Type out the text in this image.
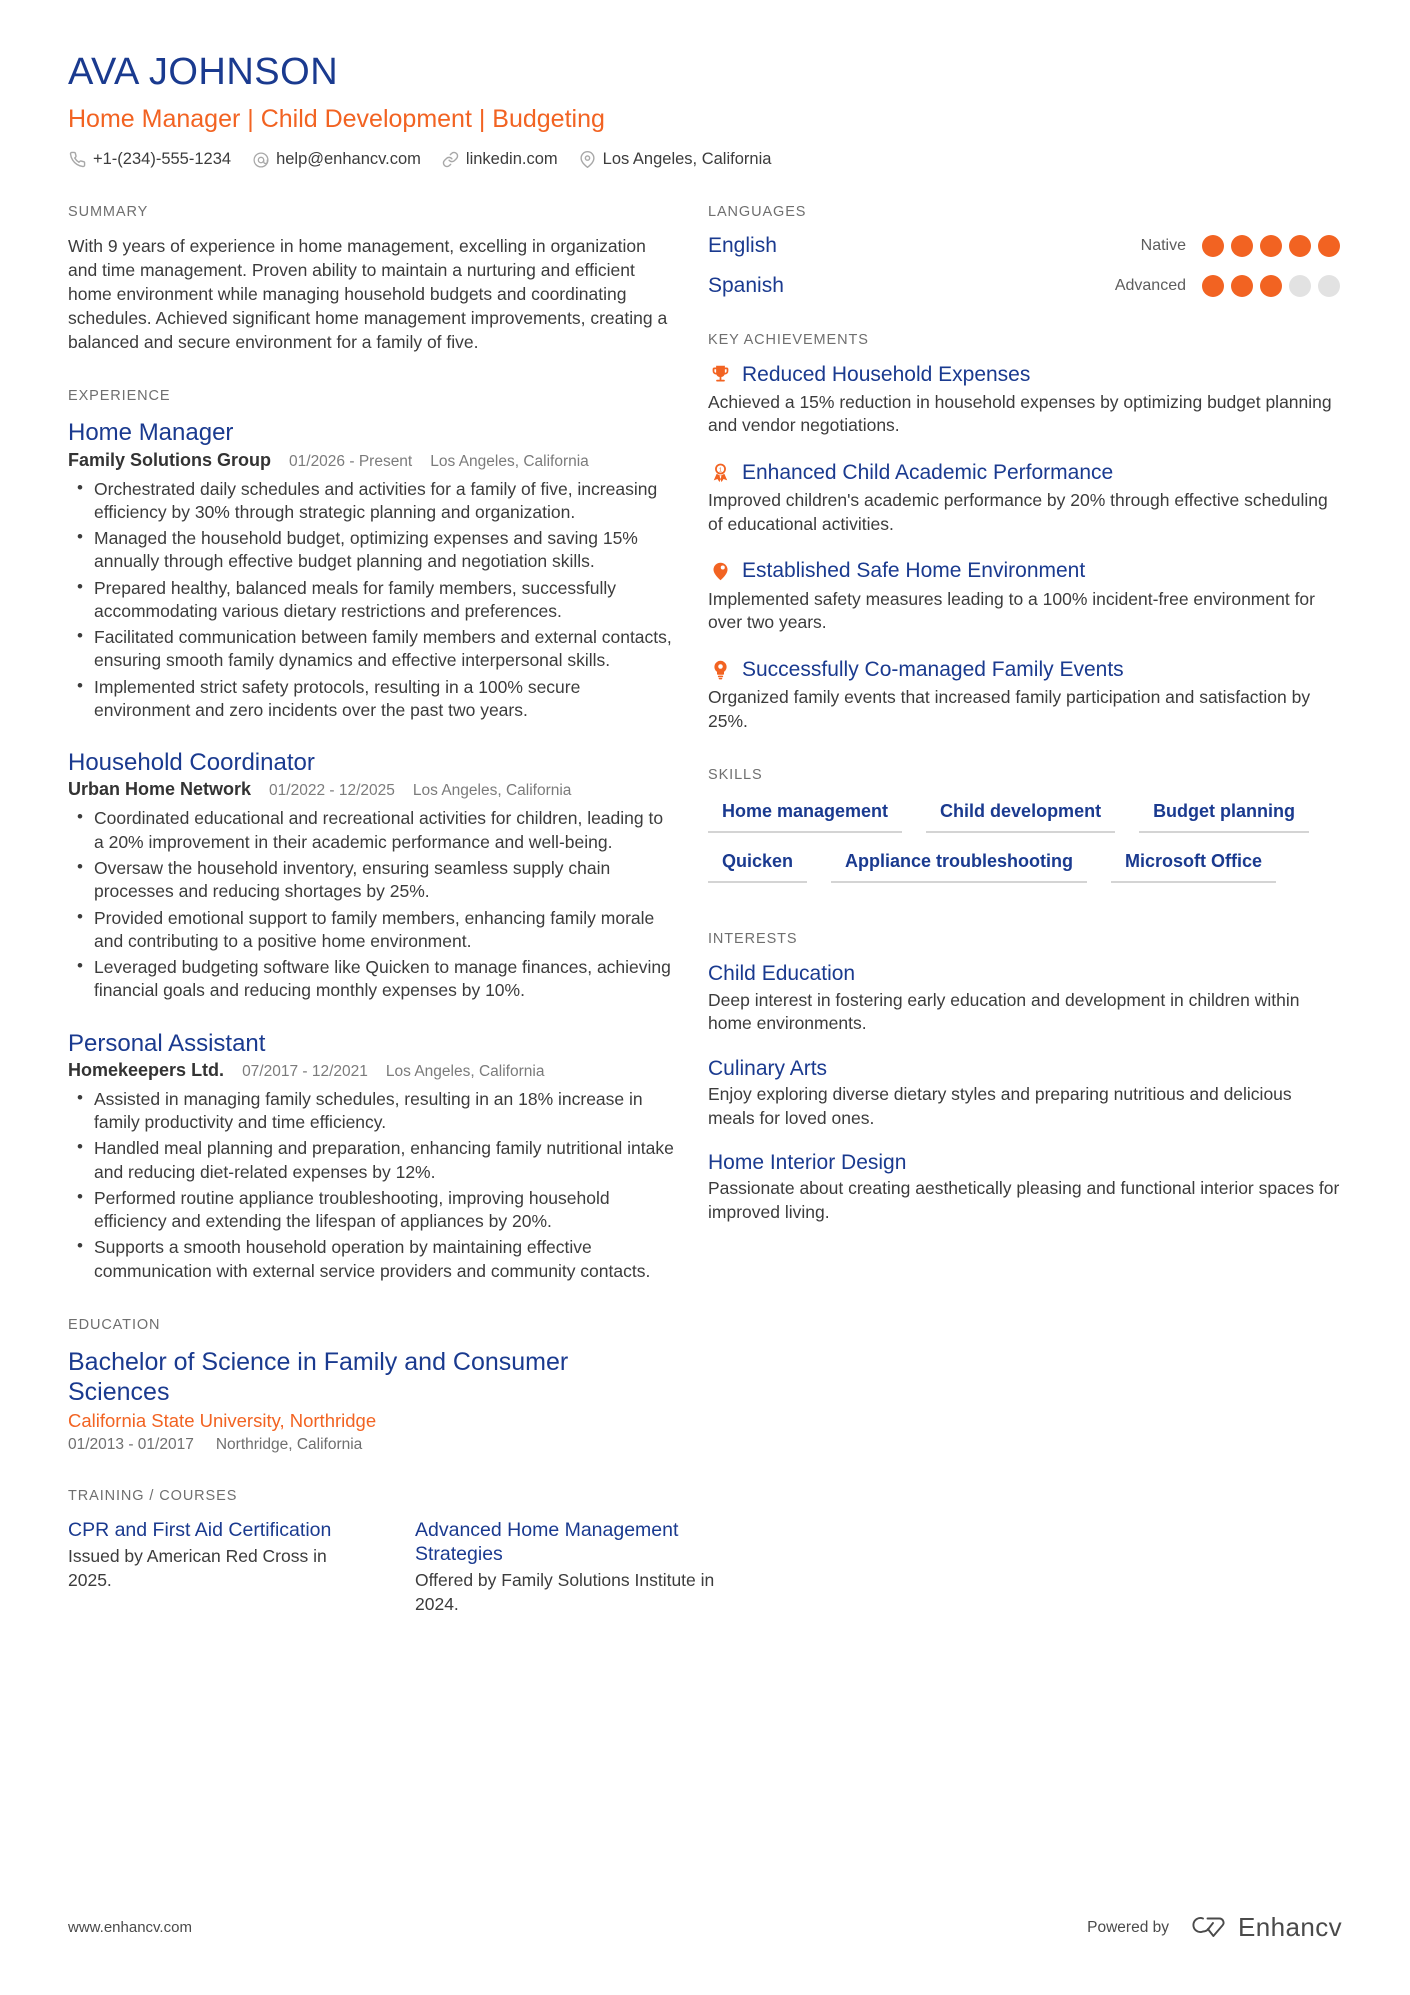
AVA JOHNSON
Home Manager | Child Development | Budgeting
+1-(234)-555-1234	help@enhancv.com	linkedin.com	Los Angeles, California
SUMMARY
With 9 years of experience in home management, excelling in organization and time management. Proven ability to maintain a nurturing and efficient home environment while managing household budgets and coordinating schedules. Achieved significant home management improvements, creating a balanced and secure environment for a family of five.
EXPERIENCE
Home Manager
Family Solutions Group 01/2026 - Present Los Angeles, California
• Orchestrated daily schedules and activities for a family of five, increasing efficiency by 30% through strategic planning and organization.
• Managed the household budget, optimizing expenses and saving 15% annually through effective budget planning and negotiation skills.
• Prepared healthy, balanced meals for family members, successfully accommodating various dietary restrictions and preferences.
• Facilitated communication between family members and external contacts, ensuring smooth family dynamics and effective interpersonal skills.
• Implemented strict safety protocols, resulting in a 100% secure environment and zero incidents over the past two years.
Household Coordinator
Urban Home Network 01/2022 - 12/2025 Los Angeles, California
• Coordinated educational and recreational activities for children, leading to a 20% improvement in their academic performance and well-being.
• Oversaw the household inventory, ensuring seamless supply chain processes and reducing shortages by 25%.
• Provided emotional support to family members, enhancing family morale and contributing to a positive home environment.
• Leveraged budgeting software like Quicken to manage finances, achieving financial goals and reducing monthly expenses by 10%.
Personal Assistant
Homekeepers Ltd. 07/2017 - 12/2021 Los Angeles, California
• Assisted in managing family schedules, resulting in an 18% increase in family productivity and time efficiency.
• Handled meal planning and preparation, enhancing family nutritional intake and reducing diet-related expenses by 12%.
• Performed routine appliance troubleshooting, improving household efficiency and extending the lifespan of appliances by 20%.
• Supports a smooth household operation by maintaining effective communication with external service providers and community contacts.
EDUCATION
Bachelor of Science in Family and Consumer Sciences
California State University, Northridge
01/2013 - 01/2017 Northridge, California
TRAINING / COURSES
CPR and First Aid Certification
Issued by American Red Cross in 2025.
Advanced Home Management Strategies
Offered by Family Solutions Institute in 2024.
LANGUAGES
English	Native
Spanish	Advanced
KEY ACHIEVEMENTS
Reduced Household Expenses
Achieved a 15% reduction in household expenses by optimizing budget planning and vendor negotiations.
1 Enhanced Child Academic Performance
Improved children's academic performance by 20% through effective scheduling of educational activities.
Established Safe Home Environment
Implemented safety measures leading to a 100% incident-free environment for over two years.
Successfully Co-managed Family Events
Organized family events that increased family participation and satisfaction by 25%.
SKILLS
Home management	Child development	Budget planning
Quicken	Appliance troubleshooting	Microsoft Office
INTERESTS
Child Education
Deep interest in fostering early education and development in children within home environments.
Culinary Arts
Enjoy exploring diverse dietary styles and preparing nutritious and delicious meals for loved ones.
Home Interior Design
Passionate about creating aesthetically pleasing and functional interior spaces for improved living.
www.enhancv.com	Powered by	Enhancv
